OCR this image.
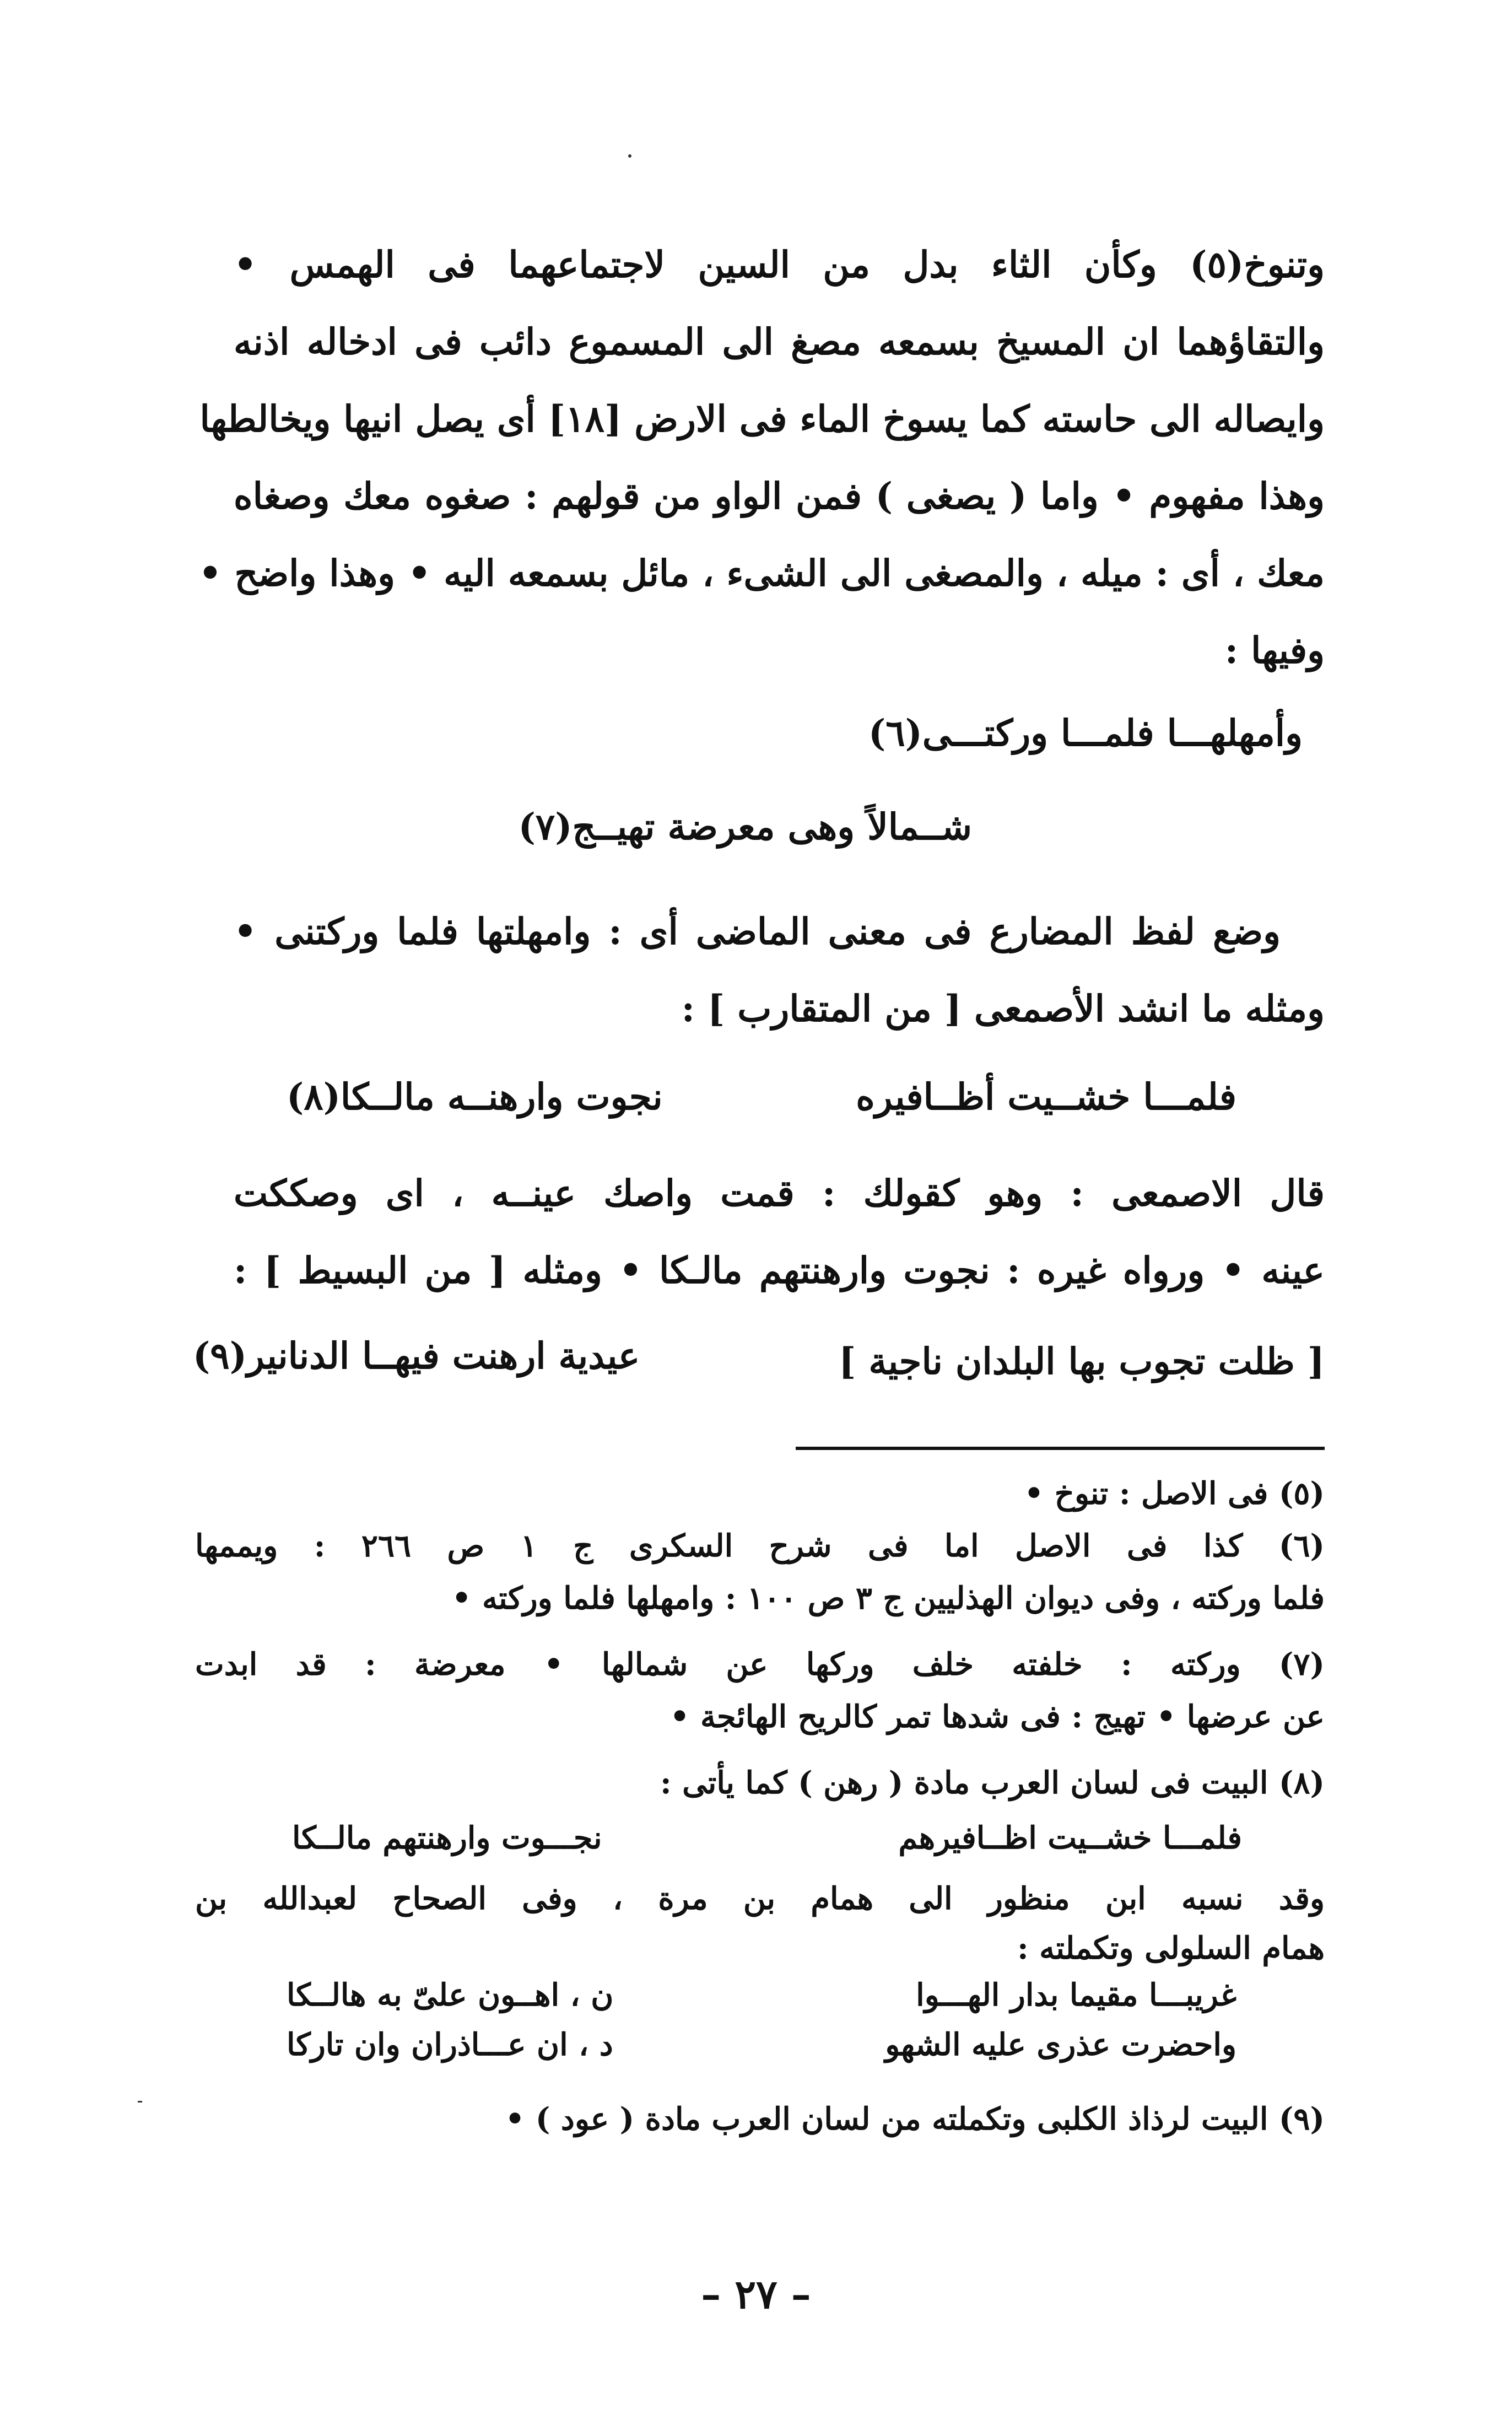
وتنوخ(٥) وكأن الثاء بدل من السين لاجتماعهما فى الهمس •
والتقاؤهما ان المسيخ بسمعه مصغ الى المسموع دائب فى ادخاله اذنه
وايصاله الى حاسته كما يسوخ الماء فى الارض [١٨] أى يصل انيها ويخالطها
وهذا مفهوم • واما ( يصغى ) فمن الواو من قولهم : صغوه معك وصغاه
معك ، أى : ميله ، والمصغى الى الشىء ، مائل بسمعه اليه • وهذا واضح •
وفيها :
وأمهلهـــا فلمـــا وركتـــى(٦)
شــمالاً وهى معرضة تهيــج(٧)
وضع لفظ المضارع فى معنى الماضى أى : وامهلتها فلما وركتنى •
ومثله ما انشد الأصمعى [ من المتقارب ] :
فلمـــا خشــيت أظــافيره
نجوت وارهنــه مالــكا(٨)
قال الاصمعى : وهو كقولك : قمت واصك عينــه ، اى وصككت
عينه • ورواه غيره : نجوت وارهنتهم مالـكا • ومثله [ من البسيط ] :
[ ظلت تجوب بها البلدان ناجية ]
عيدية ارهنت فيهــا الدنانير(٩)
(٥) فى الاصل : تنوخ •
(٦) كذا فى الاصل اما فى شرح السكرى ج ١ ص ٢٦٦ : ويممها
فلما وركته ، وفى ديوان الهذليين ج ٣ ص ١٠٠ : وامهلها فلما وركته •
(٧) وركته : خلفته خلف وركها عن شمالها • معرضة : قد ابدت
عن عرضها • تهيج : فى شدها تمر كالريح الهائجة •
(٨) البيت فى لسان العرب مادة ( رهن ) كما يأتى :
فلمـــا خشــيت اظــافيرهم
نجـــوت وارهنتهم مالــكا
وقد نسبه ابن منظور الى همام بن مرة ، وفى الصحاح لعبدالله بن
همام السلولى وتكملته :
غريبـــا مقيما بدار الهـــوا
ن ، اهــون علىّ به هالــكا
واحضرت عذرى عليه الشهو
د ، ان عـــاذران وان تاركا
(٩) البيت لرذاذ الكلبى وتكملته من لسان العرب مادة ( عود ) •
– ٢٧ –
